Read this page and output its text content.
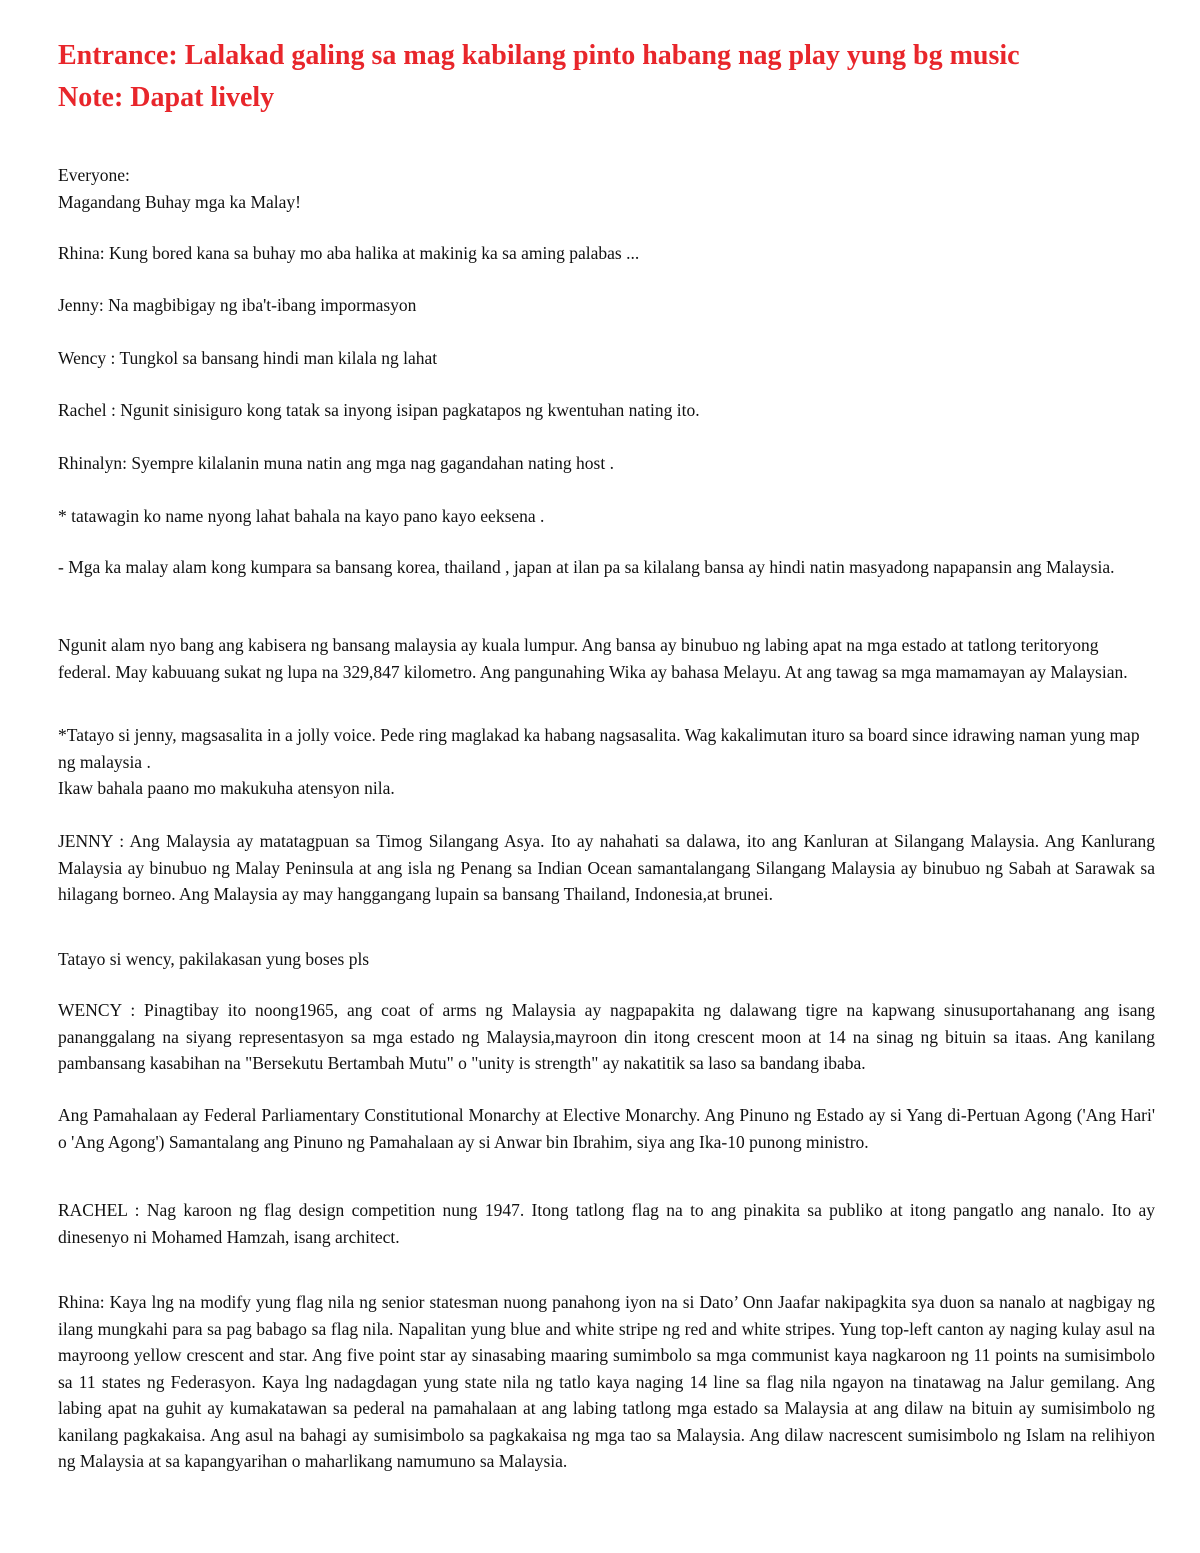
Entrance: Lalakad galing sa mag kabilang pinto habang nag play yung bg music
Note: Dapat lively
Everyone:
Magandang Buhay mga ka Malay!
Rhina: Kung bored kana sa buhay mo aba halika at makinig ka sa aming palabas ...
Jenny: Na magbibigay ng iba't-ibang impormasyon
Wency : Tungkol sa bansang hindi man kilala ng lahat
Rachel : Ngunit sinisiguro kong tatak sa inyong isipan pagkatapos ng kwentuhan nating ito.
Rhinalyn: Syempre kilalanin muna natin ang mga nag gagandahan nating host .
* tatawagin ko name nyong lahat bahala na kayo pano kayo eeksena .
- Mga ka malay alam kong kumpara sa bansang korea, thailand , japan at ilan pa sa kilalang bansa ay hindi natin masyadong napapansin ang Malaysia.
Ngunit alam nyo bang ang kabisera ng bansang malaysia ay kuala lumpur. Ang bansa ay binubuo ng labing apat na mga estado at tatlong teritoryong federal. May kabuuang sukat ng lupa na 329,847 kilometro. Ang pangunahing Wika ay bahasa Melayu. At ang tawag sa mga mamamayan ay Malaysian.
*Tatayo si jenny, magsasalita in a jolly voice. Pede ring maglakad ka habang nagsasalita. Wag kakalimutan ituro sa board since idrawing naman yung map ng malaysia .
Ikaw bahala paano mo makukuha atensyon nila.
JENNY : Ang Malaysia ay matatagpuan sa Timog Silangang Asya. Ito ay nahahati sa dalawa, ito ang Kanluran at Silangang Malaysia. Ang Kanlurang Malaysia ay binubuo ng Malay Peninsula at ang isla ng Penang sa Indian Ocean samantalangang Silangang Malaysia ay binubuo ng Sabah at Sarawak sa hilagang borneo. Ang Malaysia ay may hanggangang lupain sa bansang Thailand, Indonesia,at brunei.
Tatayo si wency, pakilakasan yung boses pls
WENCY : Pinagtibay ito noong1965, ang coat of arms ng Malaysia ay nagpapakita ng dalawang tigre na kapwang sinusuportahanang ang isang pananggalang na siyang representasyon sa mga estado ng Malaysia,mayroon din itong crescent moon at 14 na sinag ng bituin sa itaas. Ang kanilang pambansang kasabihan na "Bersekutu Bertambah Mutu" o "unity is strength" ay nakatitik sa laso sa bandang ibaba.
Ang Pamahalaan ay Federal Parliamentary Constitutional Monarchy at Elective Monarchy. Ang Pinuno ng Estado ay si Yang di-Pertuan Agong ('Ang Hari' o 'Ang Agong') Samantalang ang Pinuno ng Pamahalaan ay si Anwar bin Ibrahim, siya ang Ika-10 punong ministro.
RACHEL : Nag karoon ng flag design competition nung 1947. Itong tatlong flag na to ang pinakita sa publiko at itong pangatlo ang nanalo. Ito ay dinesenyo ni Mohamed Hamzah, isang architect.
Rhina: Kaya lng na modify yung flag nila ng senior statesman nuong panahong iyon na si Dato’ Onn Jaafar nakipagkita sya duon sa nanalo at nagbigay ng ilang mungkahi para sa pag babago sa flag nila. Napalitan yung blue and white stripe ng red and white stripes. Yung top-left canton ay naging kulay asul na mayroong yellow crescent and star. Ang five point star ay sinasabing maaring sumimbolo sa mga communist kaya nagkaroon ng 11 points na sumisimbolo sa 11 states ng Federasyon. Kaya lng nadagdagan yung state nila ng tatlo kaya naging 14 line sa flag nila ngayon na tinatawag na Jalur gemilang. Ang labing apat na guhit ay kumakatawan sa pederal na pamahalaan at ang labing tatlong mga estado sa Malaysia at ang dilaw na bituin ay sumisimbolo ng kanilang pagkakaisa. Ang asul na bahagi ay sumisimbolo sa pagkakaisa ng mga tao sa Malaysia. Ang dilaw nacrescent sumisimbolo ng Islam na relihiyon ng Malaysia at sa kapangyarihan o maharlikang namumuno sa Malaysia.
